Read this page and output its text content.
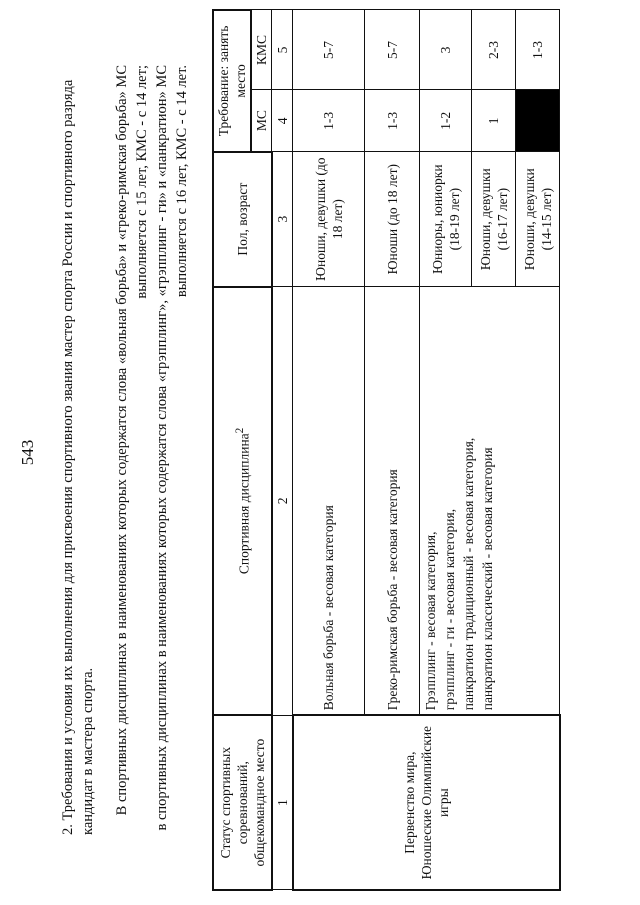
543 2. Требования и условия их выполнения для присвоения спортивного звания мастер спорта России и спортивного разряда кандидат в мастера спорта. В спортивных дисциплинах в наименованиях которых содержатся слова «вольная борьба» и «греко-римская борьба» МС выполняется с 15 лет, КМС - с 14 лет; в спортивных дисциплинах в наименованиях которых содержатся слова «грэпплинг», «грэпплинг - ги» и «панкратион» МС выполняется с 16 лет, КМС - с 14 лет.
Статус спортивных соревнований, общекомандное место	Спортивная дисциплина$^2$	Пол, возраст	Требование: занять место	
			МС	КМС
1	2	3	4	5
Первенство мира, Юношеские Олимпийские игры	Вольная борьба - весовая категория	Юноши, девушки (до 18 лет)	1-3	5-7
	Греко-римская борьба - весовая категория	Юноши (до 18 лет)	1-3	5-7

	Грэпплинг - весовая категория, грэпплинг - ги - весовая категория, панкратион традиционный - весовая категория, панкратион классический - весовая категория	Юниоры, юниорки (18-19 лет)	1-2	3
		Юноши, девушки (16-17 лет)	1	2-3
		Юноши, девушки (14-15 лет)		1-3
